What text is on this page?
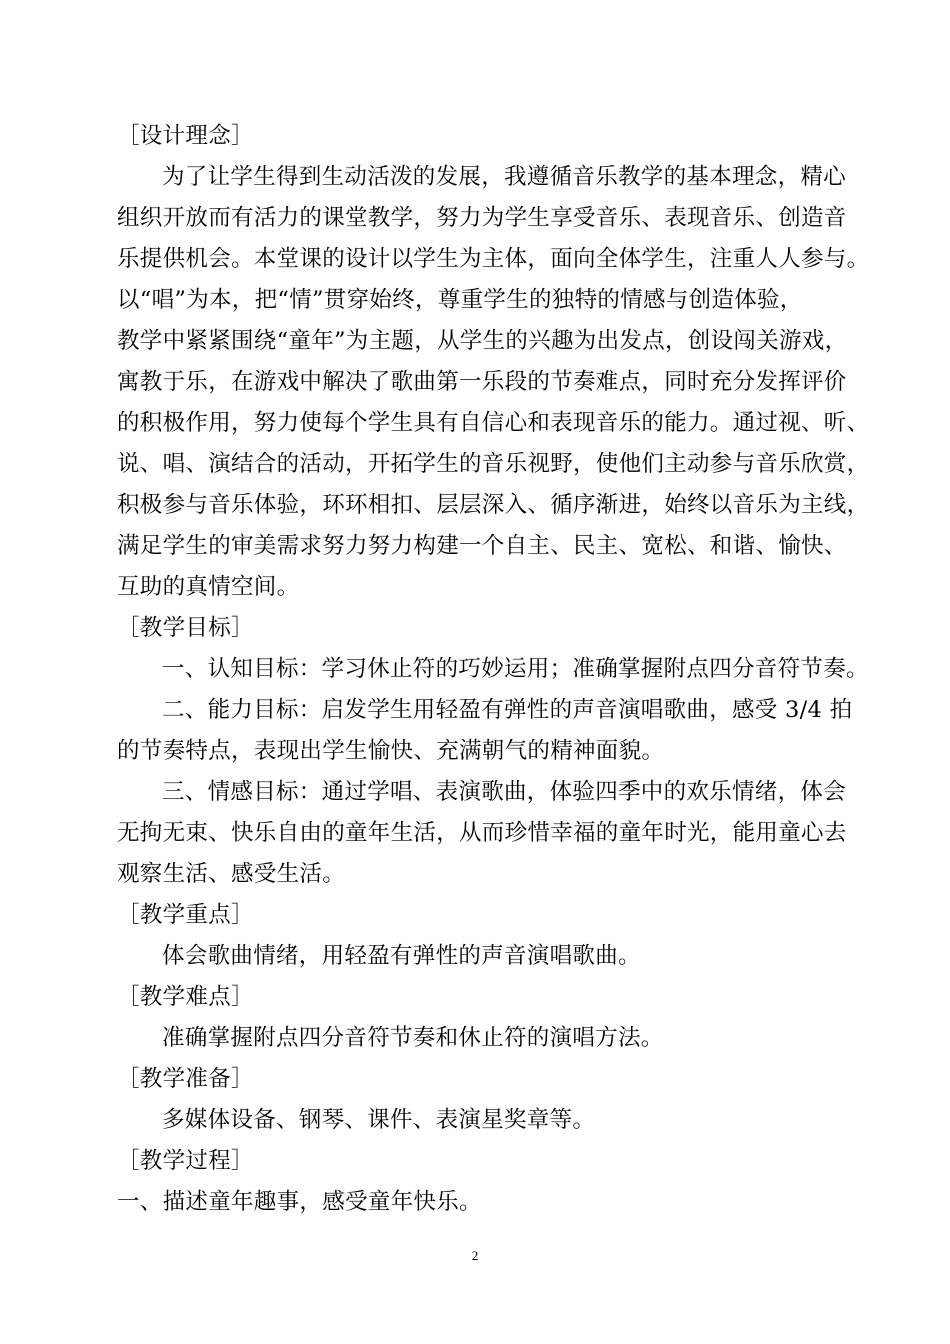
［设计理念］
为了让学生得到生动活泼的发展，我遵循音乐教学的基本理念，精心
组织开放而有活力的课堂教学，努力为学生享受音乐、表现音乐、创造音
乐提供机会。本堂课的设计以学生为主体，面向全体学生，注重人人参与。
以“唱”为本，把“情”贯穿始终，尊重学生的独特的情感与创造体验，
教学中紧紧围绕“童年”为主题，从学生的兴趣为出发点，创设闯关游戏，
寓教于乐，在游戏中解决了歌曲第一乐段的节奏难点，同时充分发挥评价
的积极作用，努力使每个学生具有自信心和表现音乐的能力。通过视、听、
说、唱、演结合的活动，开拓学生的音乐视野，使他们主动参与音乐欣赏，
积极参与音乐体验，环环相扣、层层深入、循序渐进，始终以音乐为主线，
满足学生的审美需求努力努力构建一个自主、民主、宽松、和谐、愉快、
互助的真情空间。
［教学目标］
一、认知目标：学习休止符的巧妙运用；准确掌握附点四分音符节奏。
二、能力目标：启发学生用轻盈有弹性的声音演唱歌曲，感受 3/4 拍
的节奏特点，表现出学生愉快、充满朝气的精神面貌。
三、情感目标：通过学唱、表演歌曲，体验四季中的欢乐情绪，体会
无拘无束、快乐自由的童年生活，从而珍惜幸福的童年时光，能用童心去
观察生活、感受生活。
［教学重点］
体会歌曲情绪，用轻盈有弹性的声音演唱歌曲。
［教学难点］
准确掌握附点四分音符节奏和休止符的演唱方法。
［教学准备］
多媒体设备、钢琴、课件、表演星奖章等。
［教学过程］
一、描述童年趣事，感受童年快乐。
2
